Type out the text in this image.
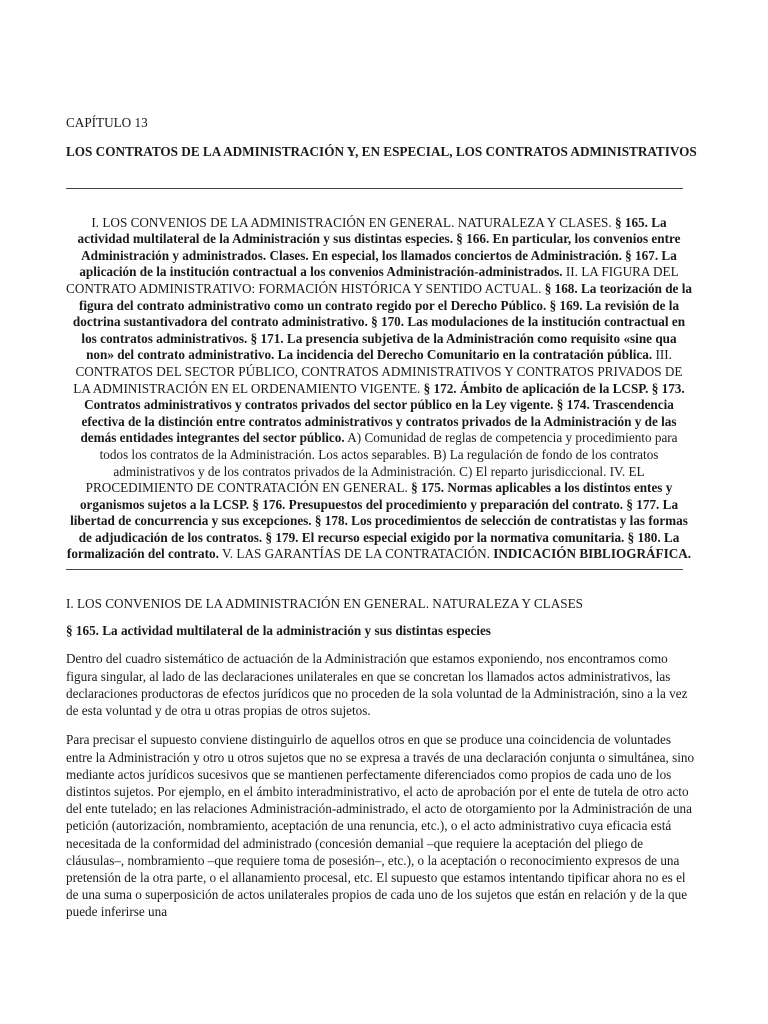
CAPÍTULO 13

LOS CONTRATOS DE LA ADMINISTRACIÓN Y, EN ESPECIAL, LOS CONTRATOS ADMINISTRATIVOS

I. LOS CONVENIOS DE LA ADMINISTRACIÓN EN GENERAL. NATURALEZA Y CLASES. § 165. La actividad multilateral de la Administración y sus distintas especies. § 166. En particular, los convenios entre Administración y administrados. Clases. En especial, los llamados conciertos de Administración. § 167. La aplicación de la institución contractual a los convenios Administración-administrados. II. LA FIGURA DEL CONTRATO ADMINISTRATIVO: FORMACIÓN HISTÓRICA Y SENTIDO ACTUAL. § 168. La teorización de la figura del contrato administrativo como un contrato regido por el Derecho Público. § 169. La revisión de la doctrina sustantivadora del contrato administrativo. § 170. Las modulaciones de la institución contractual en los contratos administrativos. § 171. La presencia subjetiva de la Administración como requisito «sine qua non» del contrato administrativo. La incidencia del Derecho Comunitario en la contratación pública. III. CONTRATOS DEL SECTOR PÚBLICO, CONTRATOS ADMINISTRATIVOS Y CONTRATOS PRIVADOS DE LA ADMINISTRACIÓN EN EL ORDENAMIENTO VIGENTE. § 172. Ámbito de aplicación de la LCSP. § 173. Contratos administrativos y contratos privados del sector público en la Ley vigente. § 174. Trascendencia efectiva de la distinción entre contratos administrativos y contratos privados de la Administración y de las demás entidades integrantes del sector público. A) Comunidad de reglas de competencia y procedimiento para todos los contratos de la Administración. Los actos separables. B) La regulación de fondo de los contratos administrativos y de los contratos privados de la Administración. C) El reparto jurisdiccional. IV. EL PROCEDIMIENTO DE CONTRATACIÓN EN GENERAL. § 175. Normas aplicables a los distintos entes y organismos sujetos a la LCSP. § 176. Presupuestos del procedimiento y preparación del contrato. § 177. La libertad de concurrencia y sus excepciones. § 178. Los procedimientos de selección de contratistas y las formas de adjudicación de los contratos. § 179. El recurso especial exigido por la normativa comunitaria. § 180. La formalización del contrato. V. LAS GARANTÍAS DE LA CONTRATACIÓN. INDICACIÓN BIBLIOGRÁFICA.

I. LOS CONVENIOS DE LA ADMINISTRACIÓN EN GENERAL. NATURALEZA Y CLASES

§ 165. La actividad multilateral de la administración y sus distintas especies

Dentro del cuadro sistemático de actuación de la Administración que estamos exponiendo, nos encontramos como figura singular, al lado de las declaraciones unilaterales en que se concretan los llamados actos administrativos, las declaraciones productoras de efectos jurídicos que no proceden de la sola voluntad de la Administración, sino a la vez de esta voluntad y de otra u otras propias de otros sujetos.

Para precisar el supuesto conviene distinguirlo de aquellos otros en que se produce una coincidencia de voluntades entre la Administración y otro u otros sujetos que no se expresa a través de una declaración conjunta o simultánea, sino mediante actos jurídicos sucesivos que se mantienen perfectamente diferenciados como propios de cada uno de los distintos sujetos. Por ejemplo, en el ámbito interadministrativo, el acto de aprobación por el ente de tutela de otro acto del ente tutelado; en las relaciones Administración-administrado, el acto de otorgamiento por la Administración de una petición (autorización, nombramiento, aceptación de una renuncia, etc.), o el acto administrativo cuya eficacia está necesitada de la conformidad del administrado (concesión demanial –que requiere la aceptación del pliego de cláusulas–, nombramiento –que requiere toma de posesión–, etc.), o la aceptación o reconocimiento expresos de una pretensión de la otra parte, o el allanamiento procesal, etc. El supuesto que estamos intentando tipificar ahora no es el de una suma o superposición de actos unilaterales propios de cada uno de los sujetos que están en relación y de la que puede inferirse una
